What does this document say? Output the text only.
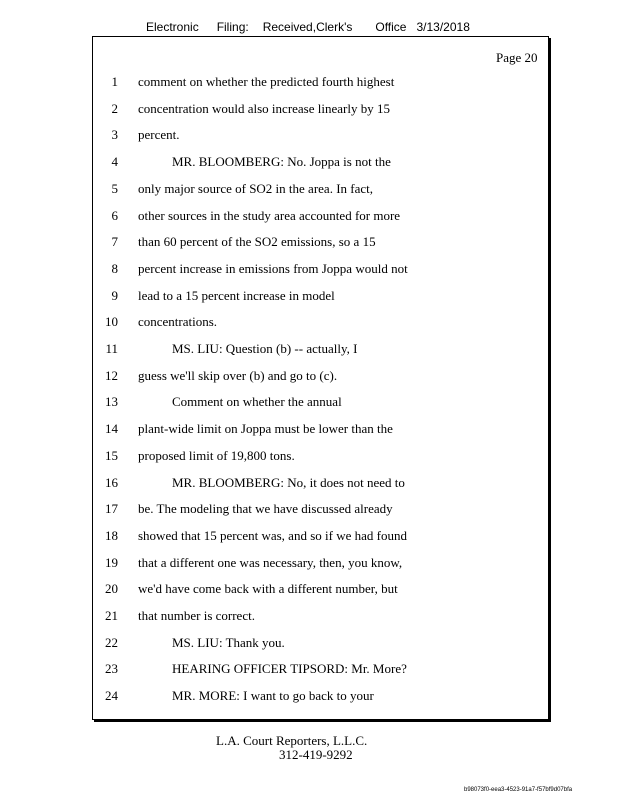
Electronic Filing: Received,Clerk's Office 3/13/2018
Page 20
1 comment on whether the predicted fourth highest
2 concentration would also increase linearly by 15
3 percent.
4	MR. BLOOMBERG: No. Joppa is not the
5 only major source of SO2 in the area. In fact,
6 other sources in the study area accounted for more
7 than 60 percent of the SO2 emissions, so a 15
8 percent increase in emissions from Joppa would not
9 lead to a 15 percent increase in model
10 concentrations.
11	MS. LIU: Question (b) -- actually, I
12 guess we'll skip over (b) and go to (c).
13	Comment on whether the annual
14 plant-wide limit on Joppa must be lower than the
15 proposed limit of 19,800 tons.
16	MR. BLOOMBERG: No, it does not need to
17 be. The modeling that we have discussed already
18 showed that 15 percent was, and so if we had found
19 that a different one was necessary, then, you know,
20 we'd have come back with a different number, but
21 that number is correct.
22	MS. LIU: Thank you.
23	HEARING OFFICER TIPSORD: Mr. More?
24	MR. MORE: I want to go back to your
L.A. Court Reporters, L.L.C.
312-419-9292
b98073f0-eea3-4523-91a7-f57bf9d07bfa
